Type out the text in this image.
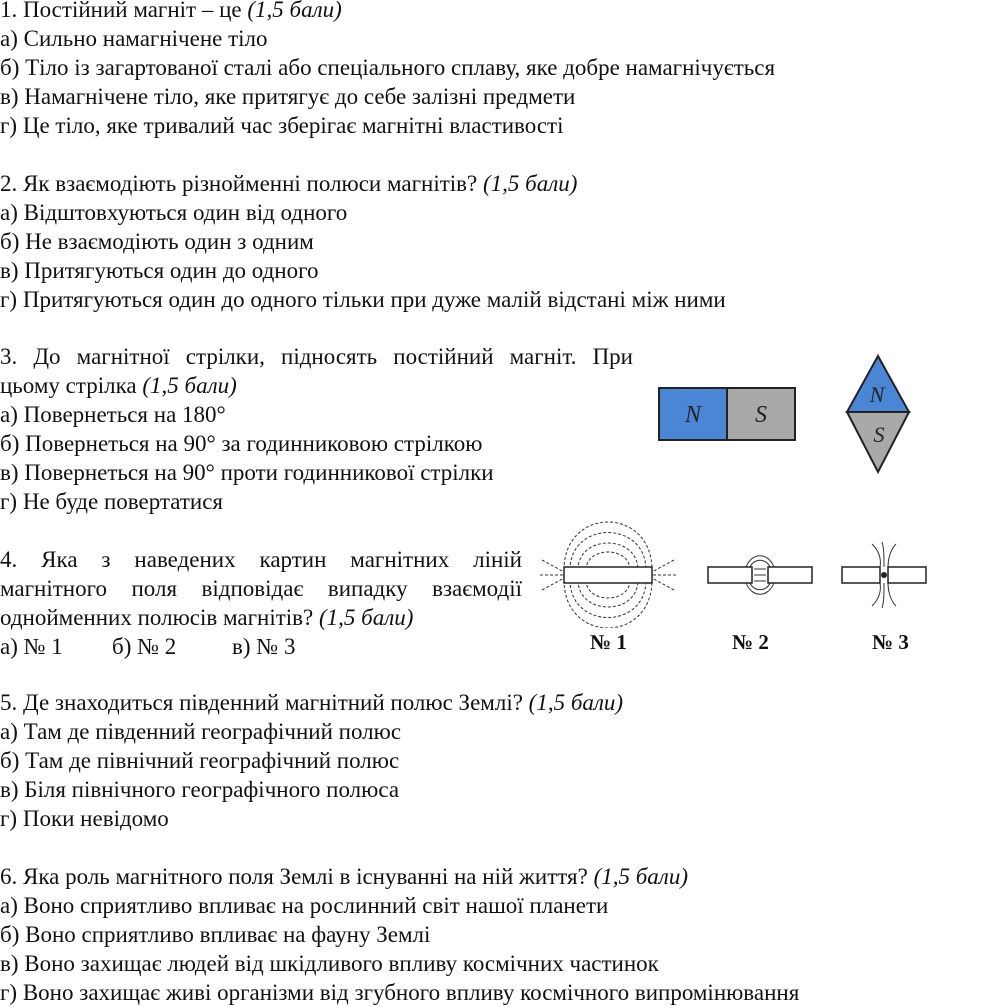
1. Постійний магніт – це (1,5 бали)
а) Сильно намагнічене тіло
б) Тіло із загартованої сталі або спеціального сплаву, яке добре намагнічується
в) Намагнічене тіло, яке притягує до себе залізні предмети
г) Це тіло, яке тривалий час зберігає магнітні властивості
2. Як взаємодіють різнойменні полюси магнітів? (1,5 бали)
а) Відштовхуються один від одного
б) Не взаємодіють один з одним
в) Притягуються один до одного
г) Притягуються один до одного тільки при дуже малій відстані між ними
3. До магнітної стрілки, підносять постійний магніт. При
цьому стрілка (1,5 бали)
а) Повернеться на 180°
б) Повернеться на 90° за годинниковою стрілкою
в) Повернеться на 90° проти годинникової стрілки
г) Не буде повертатися
N S
N
S
4. Яка з наведених картин магнітних ліній
магнітного поля відповідає випадку взаємодії
однойменних полюсів магнітів? (1,5 бали)
а) № 1 б) № 2 в) № 3	№ 1	№ 2	№ 3
5. Де знаходиться південний магнітний полюс Землі? (1,5 бали)
а) Там де південний географічний полюс
б) Там де північний географічний полюс
в) Біля північного географічного полюса
г) Поки невідомо
6. Яка роль магнітного поля Землі в існуванні на ній життя? (1,5 бали)
а) Воно сприятливо впливає на рослинний світ нашої планети
б) Воно сприятливо впливає на фауну Землі
в) Воно захищає людей від шкідливого впливу космічних частинок
г) Воно захищає живі організми від згубного впливу космічного випромінювання
